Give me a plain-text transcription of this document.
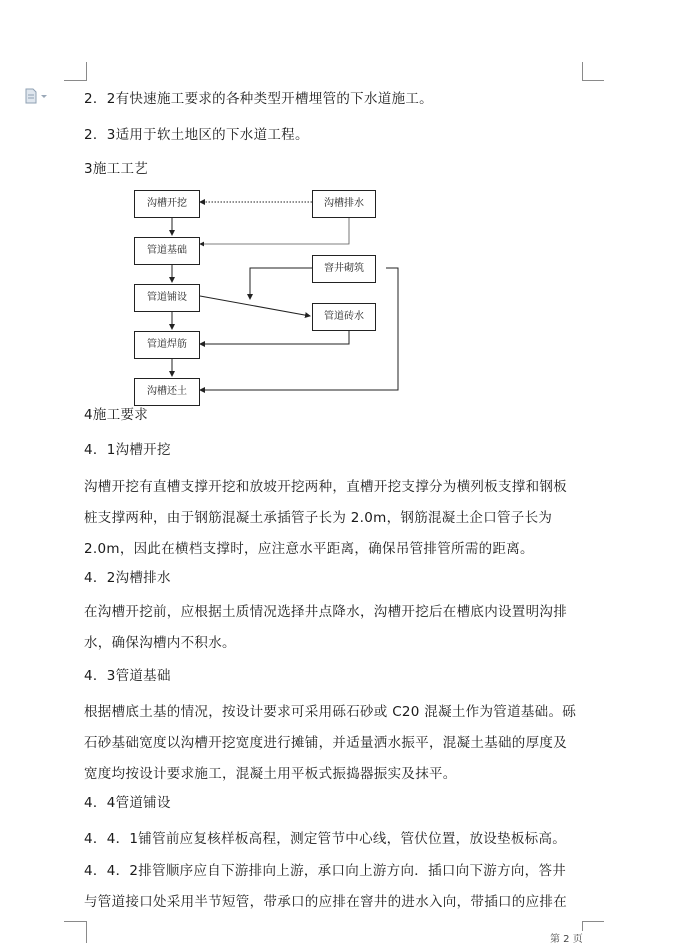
2．2有快速施工要求的各种类型开槽埋管的下水道施工。
2．3适用于软土地区的下水道工程。
3施工工艺
沟槽开挖
管道基础
管道铺设
管道焊筋
沟槽还土
沟槽排水
窨井砌筑
管道砖水
4施工要求
4．1沟槽开挖
沟槽开挖有直槽支撑开挖和放坡开挖两种，直槽开挖支撑分为横列板支撑和钢板
桩支撑两种，由于钢筋混凝土承插管子长为 2.0m，钢筋混凝土企口管子长为
2.0m，因此在横档支撑时，应注意水平距离，确保吊管排管所需的距离。
4．2沟槽排水
在沟槽开挖前，应根据土质情况选择井点降水，沟槽开挖后在槽底内设置明沟排
水，确保沟槽内不积水。
4．3管道基础
根据槽底土基的情况，按设计要求可采用砾石砂或 C20 混凝土作为管道基础。砾
石砂基础宽度以沟槽开挖宽度进行摊铺，并适量洒水振平，混凝土基础的厚度及
宽度均按设计要求施工，混凝土用平板式振捣器振实及抹平。
4．4管道铺设
4．4．1铺管前应复核样板高程，测定管节中心线，管伏位置，放设垫板标高。
4．4．2排管顺序应自下游排向上游，承口向上游方向．插口向下游方向，答井
与管道接口处采用半节短管，带承口的应排在窨井的进水入向，带插口的应排在
第 2 页
